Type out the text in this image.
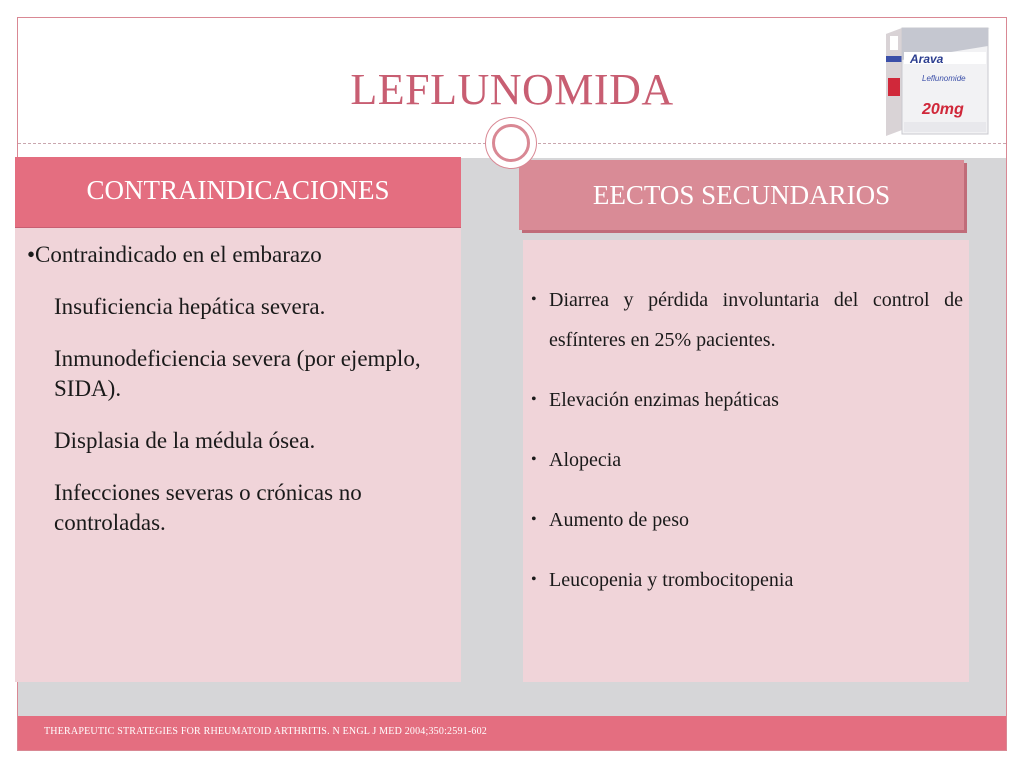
LEFLUNOMIDA
THERAPEUTIC STRATEGIES FOR RHEUMATOID ARTHRITIS. N ENGL J MED 2004;350:2591-602
Arava
Leflunomide
20mg
CONTRAINDICACIONES
•Contraindicado en el embarazo
Insuficiencia hepática severa.
Inmunodeficiencia severa (por ejemplo, SIDA).
Displasia de la médula ósea.
Infecciones severas o crónicas no controladas.
EECTOS SECUNDARIOS
• Diarrea y pérdida involuntaria del control de esfínteres en 25% pacientes.
• Elevación enzimas hepáticas
• Alopecia
• Aumento de peso
• Leucopenia y trombocitopenia
